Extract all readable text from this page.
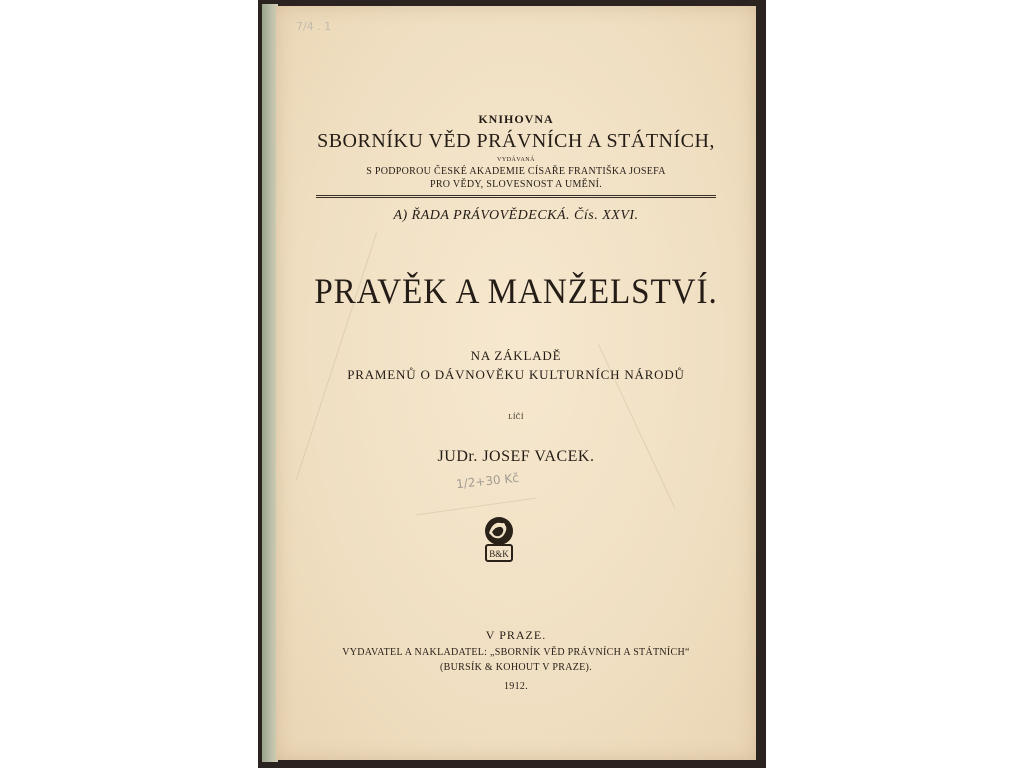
7/4 . 1
KNIHOVNA
SBORNÍKU VĚD PRÁVNÍCH A STÁTNÍCH,
VYDÁVANÁ
S PODPOROU ČESKÉ AKADEMIE CÍSAŘE FRANTIŠKA JOSEFA
PRO VĚDY, SLOVESNOST A UMĚNÍ.
A) ŘADA PRÁVOVĚDECKÁ. Čís. XXVI.
PRAVĚK A MANŽELSTVÍ.
NA ZÁKLADĚ
PRAMENŮ O DÁVNOVĚKU KULTURNÍCH NÁRODŮ
LÍČÍ
JUDr. JOSEF VACEK.
1/2+30 Kč
B&K
V PRAZE.
VYDAVATEL A NAKLADATEL: „SBORNÍK VĚD PRÁVNÍCH A STÁTNÍCH“
(BURSÍK & KOHOUT V PRAZE).
1912.
